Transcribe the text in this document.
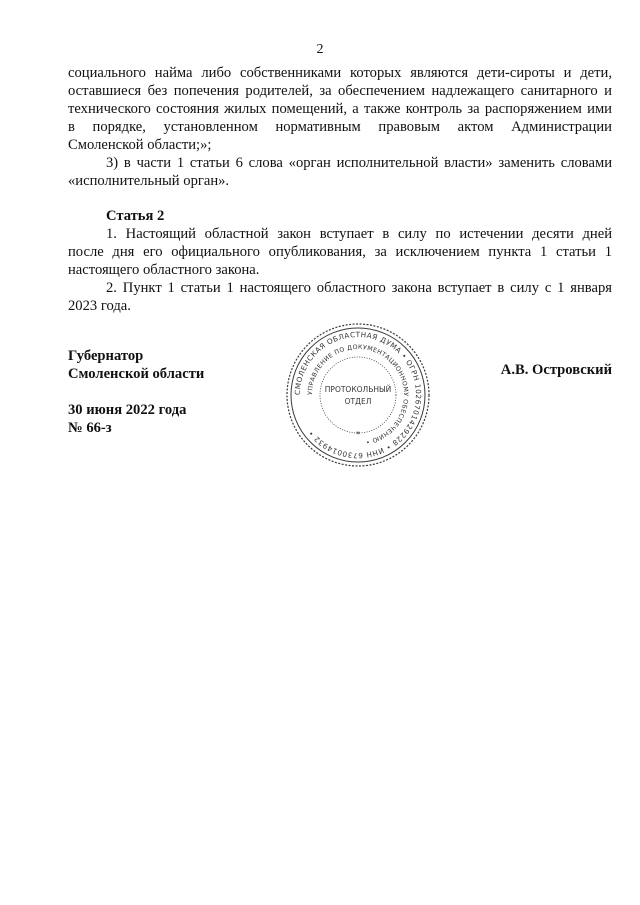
2
социального найма либо собственниками которых являются дети-сироты и дети,
оставшиеся без попечения родителей, за обеспечением надлежащего санитарного и
технического состояния жилых помещений, а также контроль за распоряжением ими
в порядке, установленном нормативным правовым актом Администрации
Смоленской области;»;
3) в части 1 статьи 6 слова «орган исполнительной власти» заменить словами
«исполнительный орган».
Статья 2
1. Настоящий областной закон вступает в силу по истечении десяти дней
после дня его официального опубликования, за исключением пункта 1 статьи 1
настоящего областного закона.
2. Пункт 1 статьи 1 настоящего областного закона вступает в силу с 1 января
2023 года.
Губернатор
Смоленской области	А.В. Островский
30 июня 2022 года
№ 66-з
СМОЛЕНСКАЯ ОБЛАСТНАЯ ДУМА • ОГРН 1026701429228 • ИНН 6730014932 •
УПРАВЛЕНИЕ ПО ДОКУМЕНТАЦИОННОМУ ОБЕСПЕЧЕНИЮ •
ПРОТОКОЛЬНЫЙ
ОТДЕЛ
*
